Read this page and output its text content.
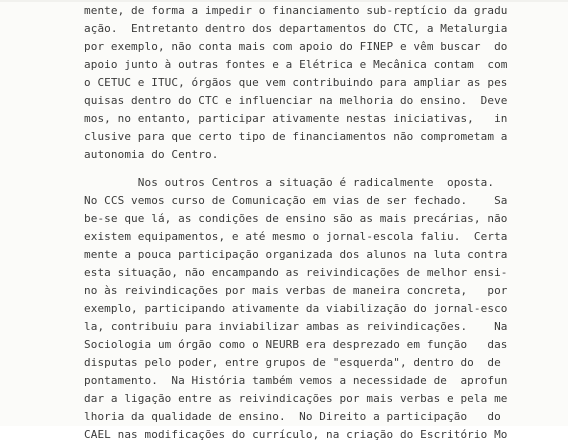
mente, de forma a impedir o financiamento sub-reptício da gradu
ação.  Entretanto dentro dos departamentos do CTC, a Metalurgia
por exemplo, não conta mais com apoio do FINEP e vêm buscar  do
apoio junto à outras fontes e a Elétrica e Mecânica contam  com
o CETUC e ITUC, órgãos que vem contribuindo para ampliar as pes
quisas dentro do CTC e influenciar na melhoria do ensino.  Deve
mos, no entanto, participar ativamente nestas iniciativas,   in
clusive para que certo tipo de financiamentos não comprometam a
autonomia do Centro.
Nos outros Centros a situação é radicalmente  oposta.
No CCS vemos curso de Comunicação em vias de ser fechado.    Sa
be-se que lá, as condições de ensino são as mais precárias, não
existem equipamentos, e até mesmo o jornal-escola faliu.  Certa
mente a pouca participação organizada dos alunos na luta contra
esta situação, não encampando as reivindicações de melhor ensi-
no às reivindicações por mais verbas de maneira concreta,   por
exemplo, participando ativamente da viabilização do jornal-esco
la, contribuiu para inviabilizar ambas as reivindicações.    Na
Sociologia um órgão como o NEURB era desprezado em função   das
disputas pelo poder, entre grupos de "esquerda", dentro do  de
pontamento.  Na História também vemos a necessidade de  aprofun
dar a ligação entre as reivindicações por mais verbas e pela me
lhoria da qualidade de ensino.  No Direito a participação   do
CAEL nas modificações do currículo, na criação do Escritório Mo
